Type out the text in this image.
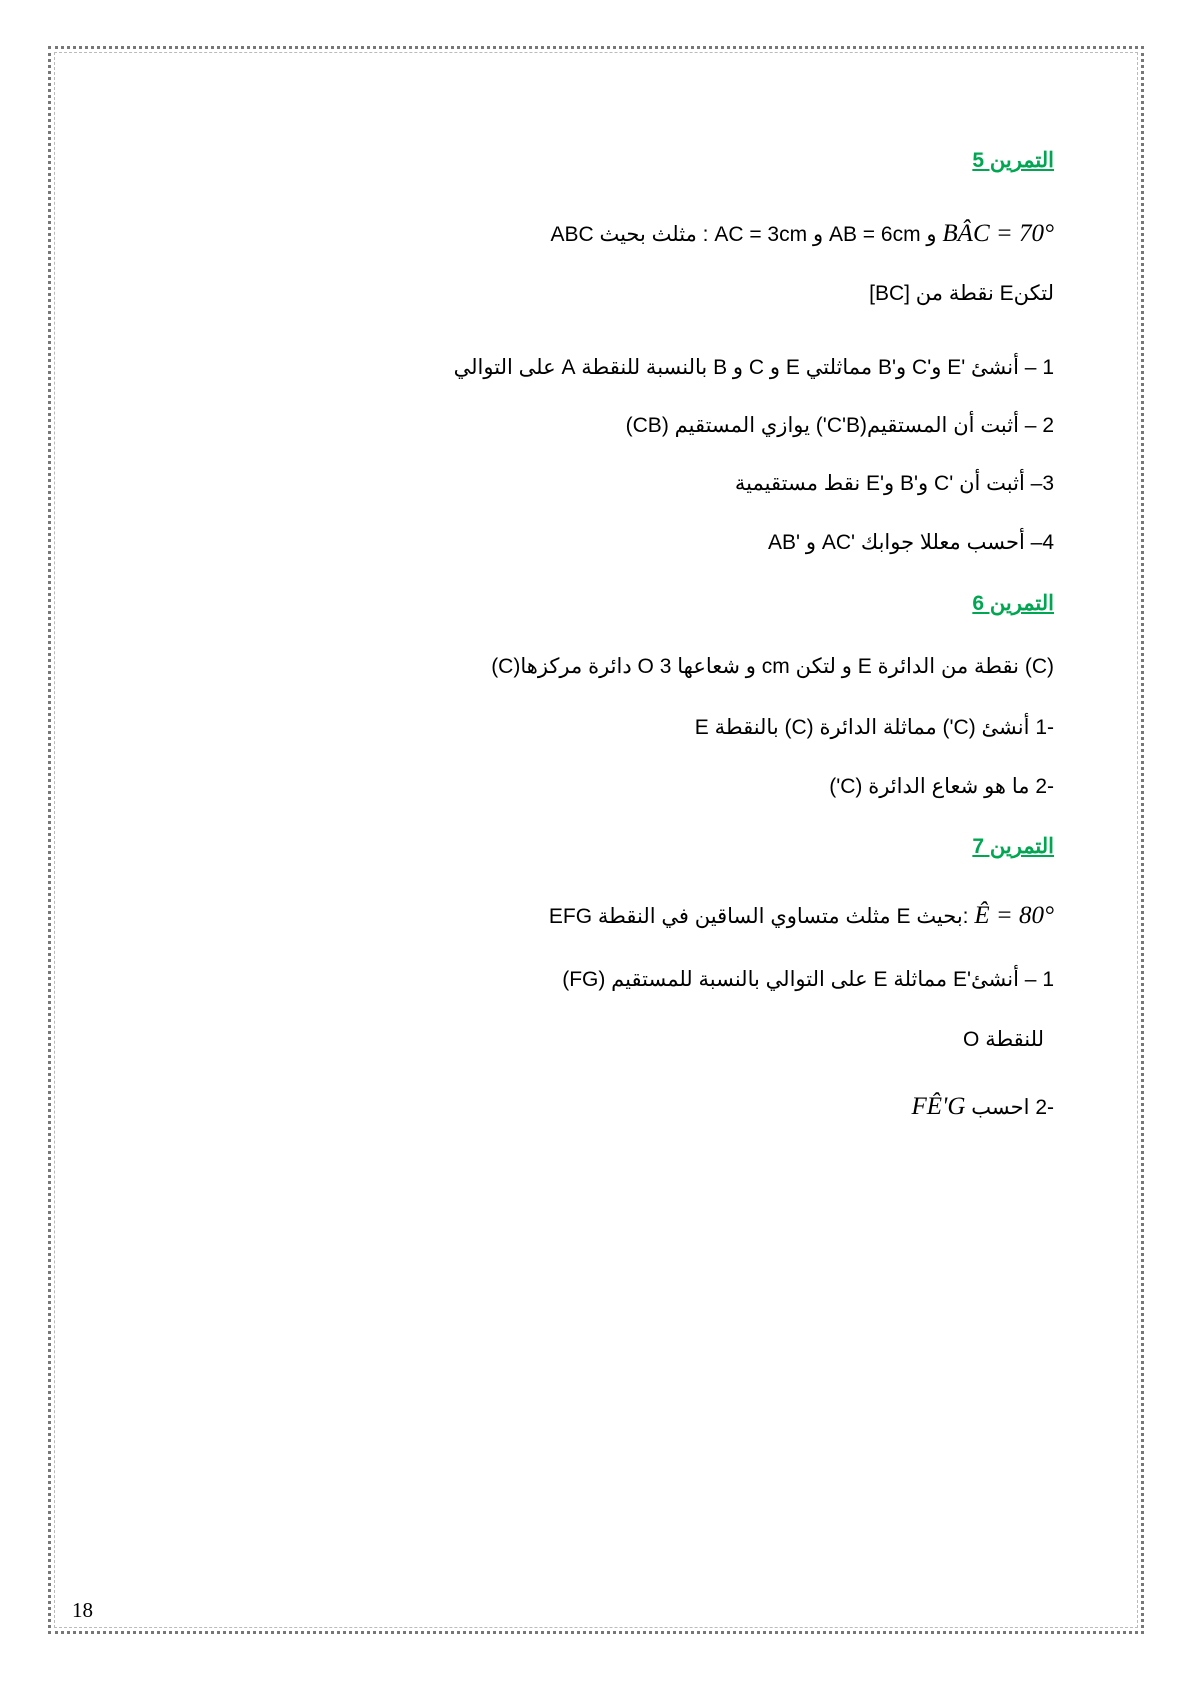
التمرين 5
ABC مثلث بحيث : AC = 3cm و AB = 6cm و BÂC = 70°
لتكنE نقطة من [BC]
1 – أنشئ 'E و'C و'B مماثلتي E و C و B بالنسبة للنقطة A على التوالي
2 – أثبت أن المستقيم(C'B') يوازي المستقيم (CB)
3– أثبت أن 'C و'B و'E نقط مستقيمية
4– أحسب معللا جوابك 'AC و 'AB
التمرين 6
(C)دائرة مركزها O و شعاعها 3 cm و لتكن E نقطة من الدائرة (C)
-1 أنشئ (C') مماثلة الدائرة (C) بالنقطة E
-2 ما هو شعاع الدائرة (C')
التمرين 7
EFG مثلث متساوي الساقين في النقطة E بحيث: Ê = 80°
1 – أنشئ'E مماثلة E على التوالي بالنسبة للمستقيم (FG)
للنقطة O
-2 احسب FÊ'G
18
